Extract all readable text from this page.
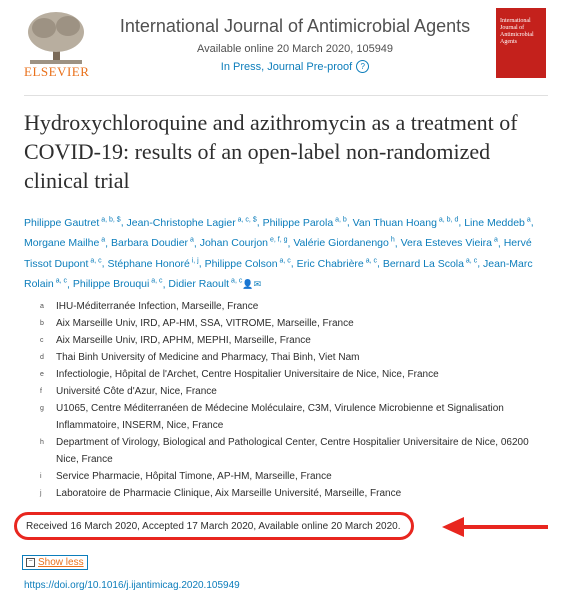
ELSEVIER
International Journal of Antimicrobial Agents
Available online 20 March 2020, 105949
In Press, Journal Pre-proof	?
International Journal of Antimicrobial Agents
Hydroxychloroquine and azithromycin as a treatment of COVID-19: results of an open-label non-randomized clinical trial
Philippe Gautret $^{a, b, \$}$, Jean-Christophe Lagier $^{a, c, \$}$, Philippe Parola $^{a, b}$, Van Thuan Hoang $^{a, b, d}$, Line Meddeb $^a$, Morgane Mailhe $^a$, Barbara Doudier $^a$, Johan Courjon $^{e, f, g}$, Valérie Giordanengo $^h$, Vera Esteves Vieira $^a$, Hervé Tissot Dupont $^{a, c}$, Stéphane Honoré $^{i, j}$, Philippe Colson $^{a, c}$, Eric Chabrière $^{a, c}$, Bernard La Scola $^{a, c}$, Jean-Marc Rolain $^{a, c}$, Philippe Brouqui $^{a, c}$, Didier Raoult $^{a, c}$👤✉
a	IHU-Méditerranée Infection, Marseille, France
b	Aix Marseille Univ, IRD, AP-HM, SSA, VITROME, Marseille, France
c	Aix Marseille Univ, IRD, APHM, MEPHI, Marseille, France
d	Thai Binh University of Medicine and Pharmacy, Thai Binh, Viet Nam
e	Infectiologie, Hôpital de l'Archet, Centre Hospitalier Universitaire de Nice, Nice, France
f	Université Côte d'Azur, Nice, France
g	U1065, Centre Méditerranéen de Médecine Moléculaire, C3M, Virulence Microbienne et Signalisation Inflammatoire, INSERM, Nice, France
h	Department of Virology, Biological and Pathological Center, Centre Hospitalier Universitaire de Nice, 06200 Nice, France
i	Service Pharmacie, Hôpital Timone, AP-HM, Marseille, France
j	Laboratoire de Pharmacie Clinique, Aix Marseille Université, Marseille, France
Received 16 March 2020, Accepted 17 March 2020, Available online 20 March 2020.
− Show less
https://doi.org/10.1016/j.ijantimicag.2020.105949
